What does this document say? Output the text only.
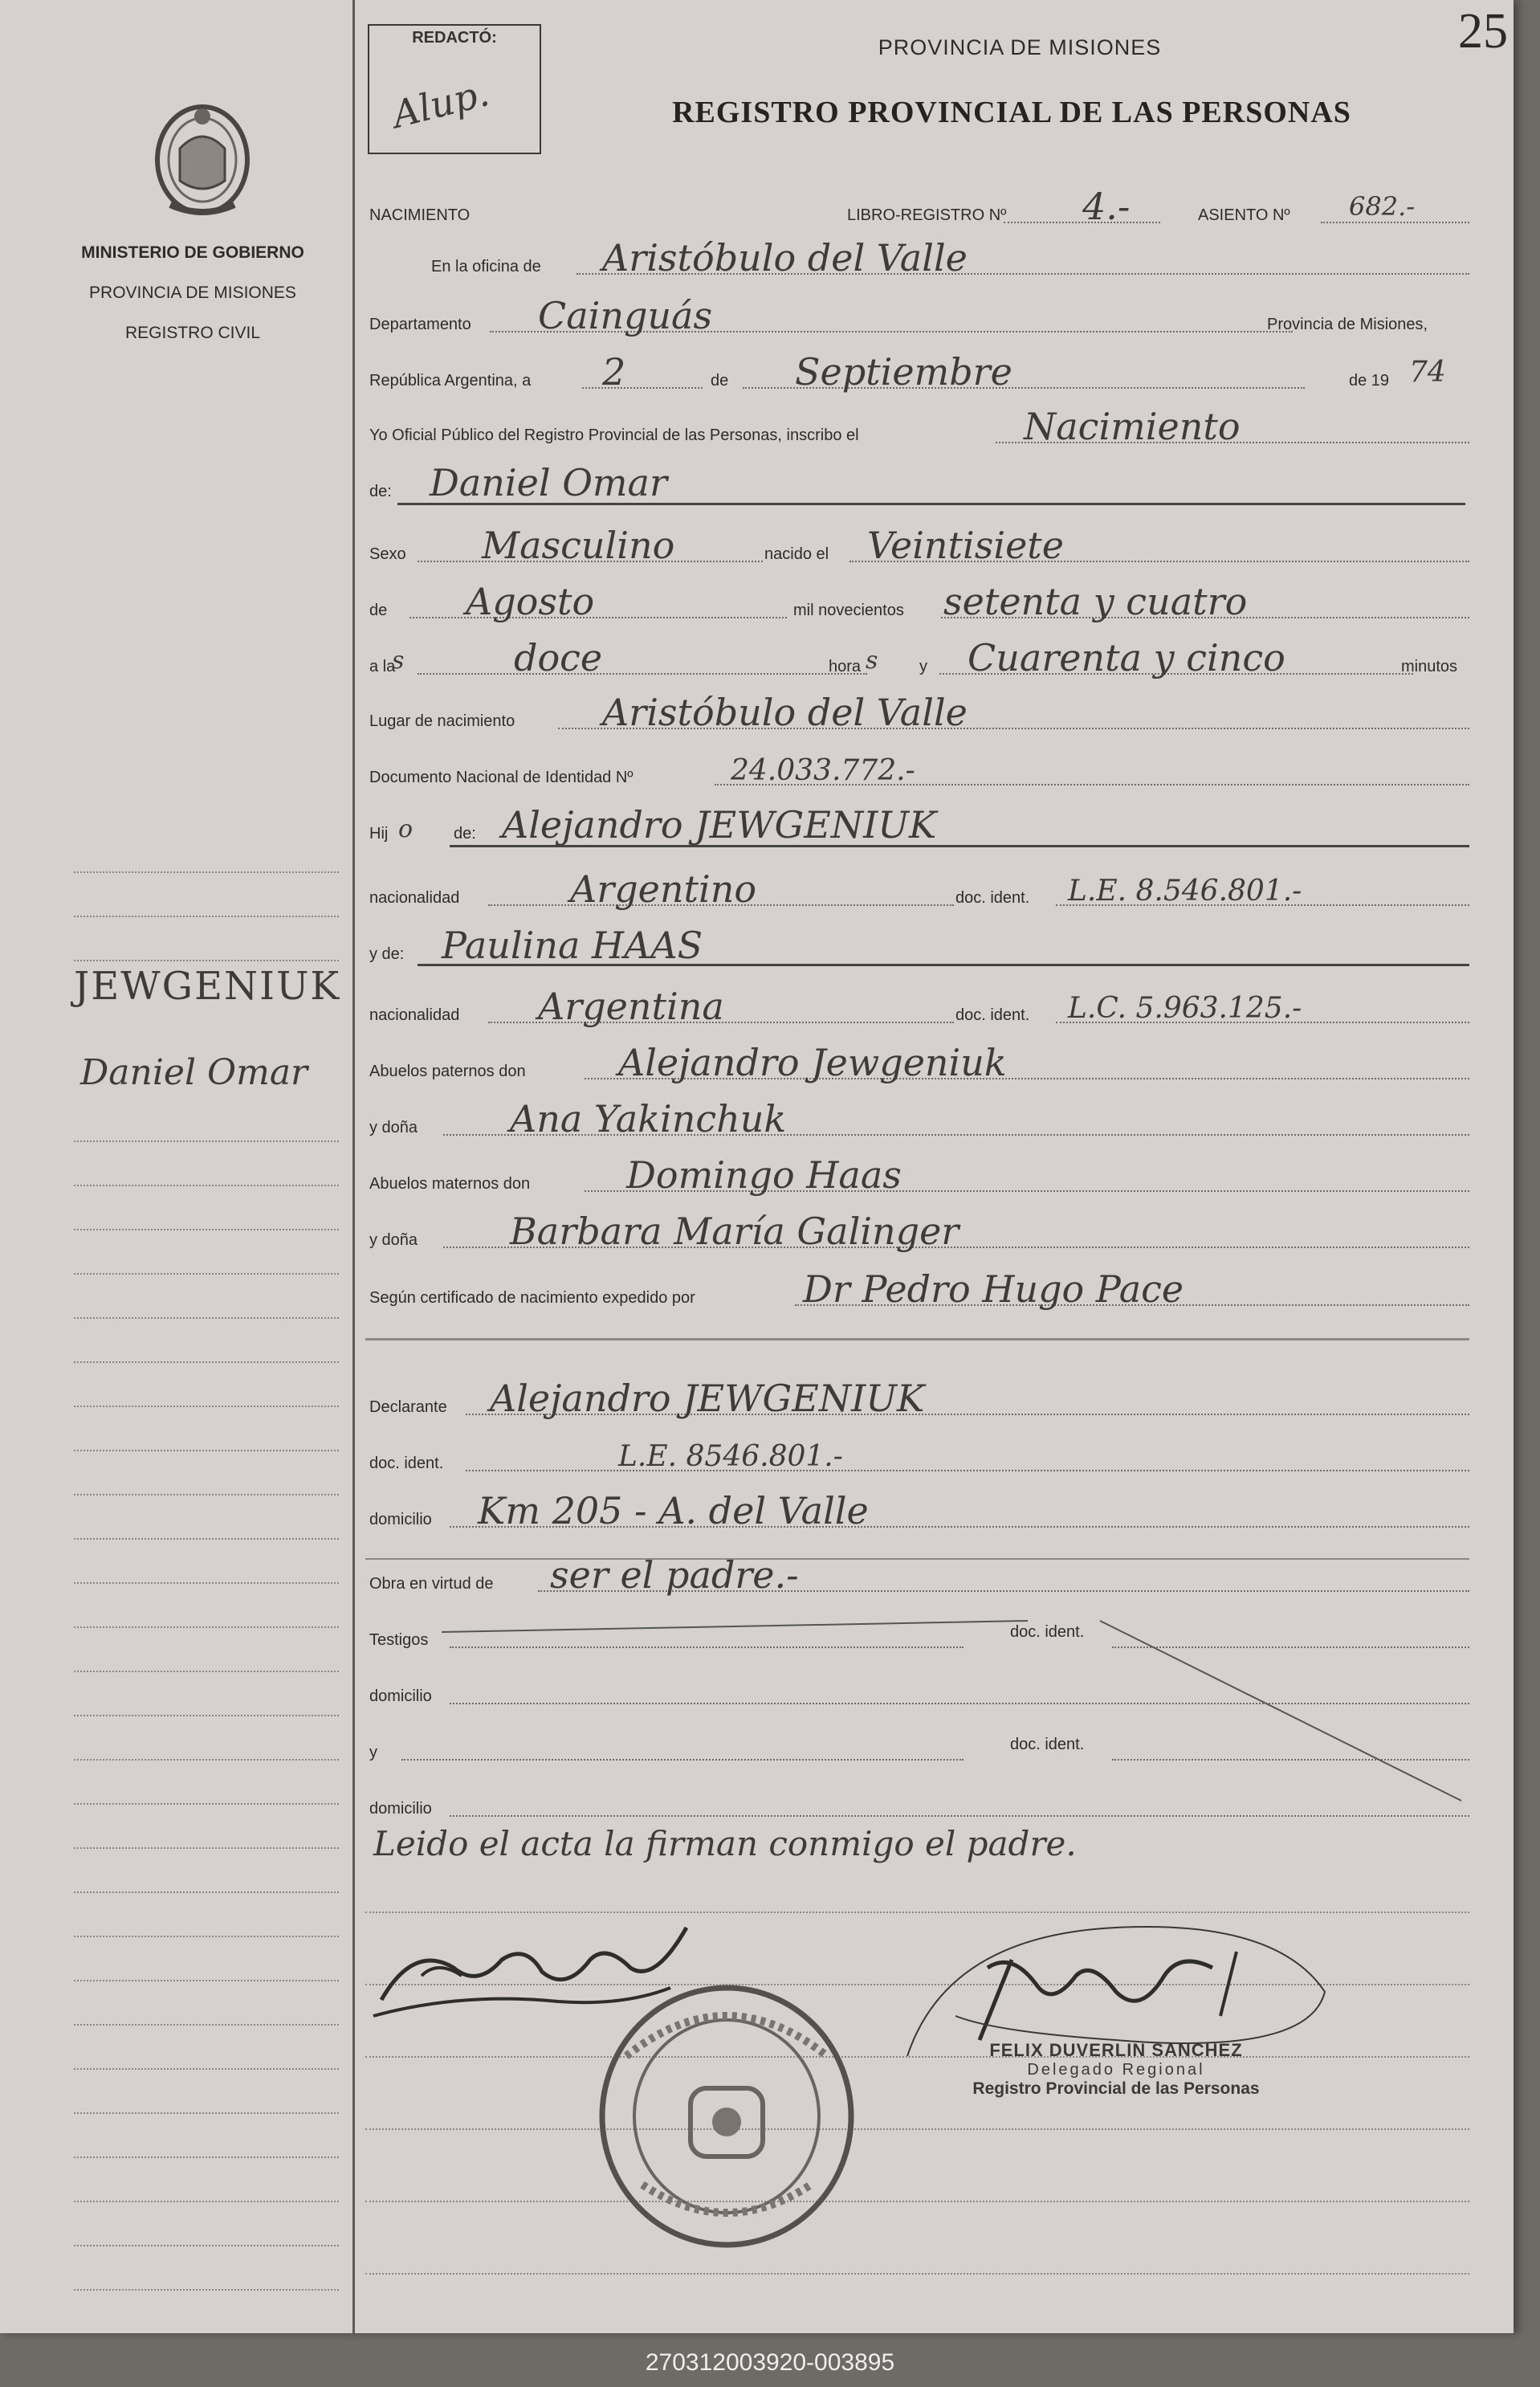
25
REDACTÓ:
Alup.
PROVINCIA DE MISIONES
REGISTRO PROVINCIAL DE LAS PERSONAS
MINISTERIO DE GOBIERNO
PROVINCIA DE MISIONES
REGISTRO CIVIL
NACIMIENTO	LIBRO-REGISTRO Nº 4.-	ASIENTO Nº 682.-
En la oficina de Aristóbulo del Valle
Departamento Cainguás	Provincia de Misiones,
República Argentina, a 2	de Septiembre	de 19 74
Yo Oficial Público del Registro Provincial de las Personas, inscribo el	Nacimiento
de: Daniel Omar
Sexo Masculino	nacido el Veintisiete
de Agosto	mil novecientos setenta y cuatro
a la
s	doce	hora s	y Cuarenta y cinco	minutos
Lugar de nacimiento Aristóbulo del Valle
Documento Nacional de Identidad Nº	24.033.772.-
Hij o	de: Alejandro JEWGENIUK
nacionalidad	Argentino	doc. ident. L.E. 8.546.801.-
y de: Paulina HAAS
nacionalidad Argentina	doc. ident. L.C. 5.963.125.-
Abuelos paternos don	Alejandro Jewgeniuk
y doña Ana Yakinchuk
Abuelos maternos don	Domingo Haas
y doña Barbara María Galinger
Según certificado de nacimiento expedido por	Dr Pedro Hugo Pace
Declarante Alejandro JEWGENIUK
doc. ident.	L.E. 8546.801.-
domicilio Km 205 - A. del Valle
Obra en virtud de ser el padre.-
Testigos	doc. ident.
domicilio
y	doc. ident.
domicilio
Leido el acta la firman conmigo el padre.
FELIX DUVERLIN SANCHEZ
Delegado Regional
Registro Provincial de las Personas
JEWGENIUK
Daniel Omar
270312003920-003895
